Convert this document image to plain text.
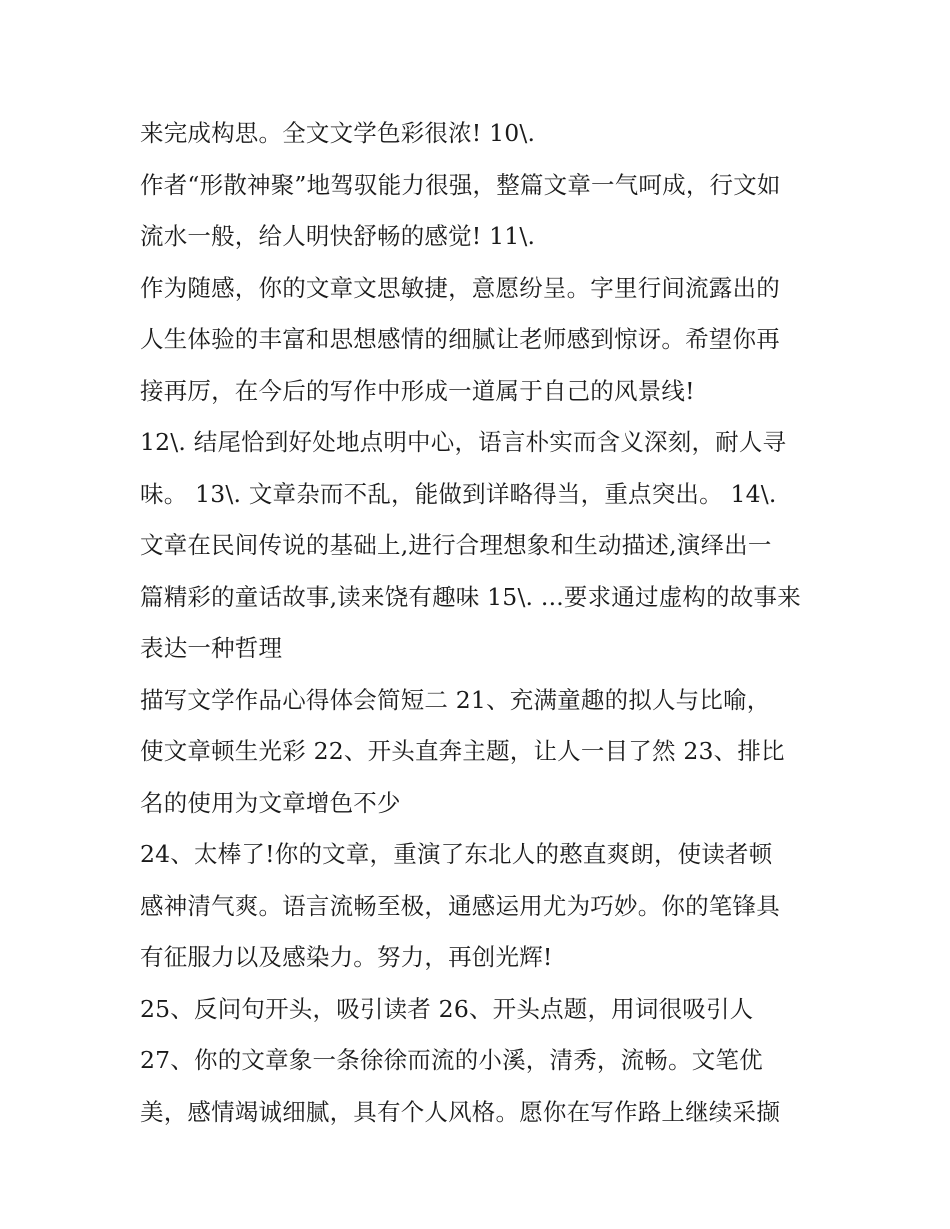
来完成构思。全文文学色彩很浓! 10\.
作者“形散神聚”地驾驭能力很强，整篇文章一气呵成，行文如
流水一般，给人明快舒畅的感觉! 11\.
作为随感，你的文章文思敏捷，意愿纷呈。字里行间流露出的
人生体验的丰富和思想感情的细腻让老师感到惊讶。希望你再
接再厉，在今后的写作中形成一道属于自己的风景线!
12\. 结尾恰到好处地点明中心，语言朴实而含义深刻，耐人寻
味。 13\. 文章杂而不乱，能做到详略得当，重点突出。 14\.
文章在民间传说的基础上,进行合理想象和生动描述,演绎出一
篇精彩的童话故事,读来饶有趣味 15\. ...要求通过虚构的故事来
表达一种哲理
描写文学作品心得体会简短二 21、充满童趣的拟人与比喻，
使文章顿生光彩 22、开头直奔主题，让人一目了然 23、排比
名的使用为文章增色不少
24、太棒了!你的文章，重演了东北人的憨直爽朗，使读者顿
感神清气爽。语言流畅至极，通感运用尤为巧妙。你的笔锋具
有征服力以及感染力。努力，再创光辉!
25、反问句开头，吸引读者 26、开头点题，用词很吸引人
27、你的文章象一条徐徐而流的小溪，清秀，流畅。文笔优
美，感情竭诚细腻，具有个人风格。愿你在写作路上继续采撷
